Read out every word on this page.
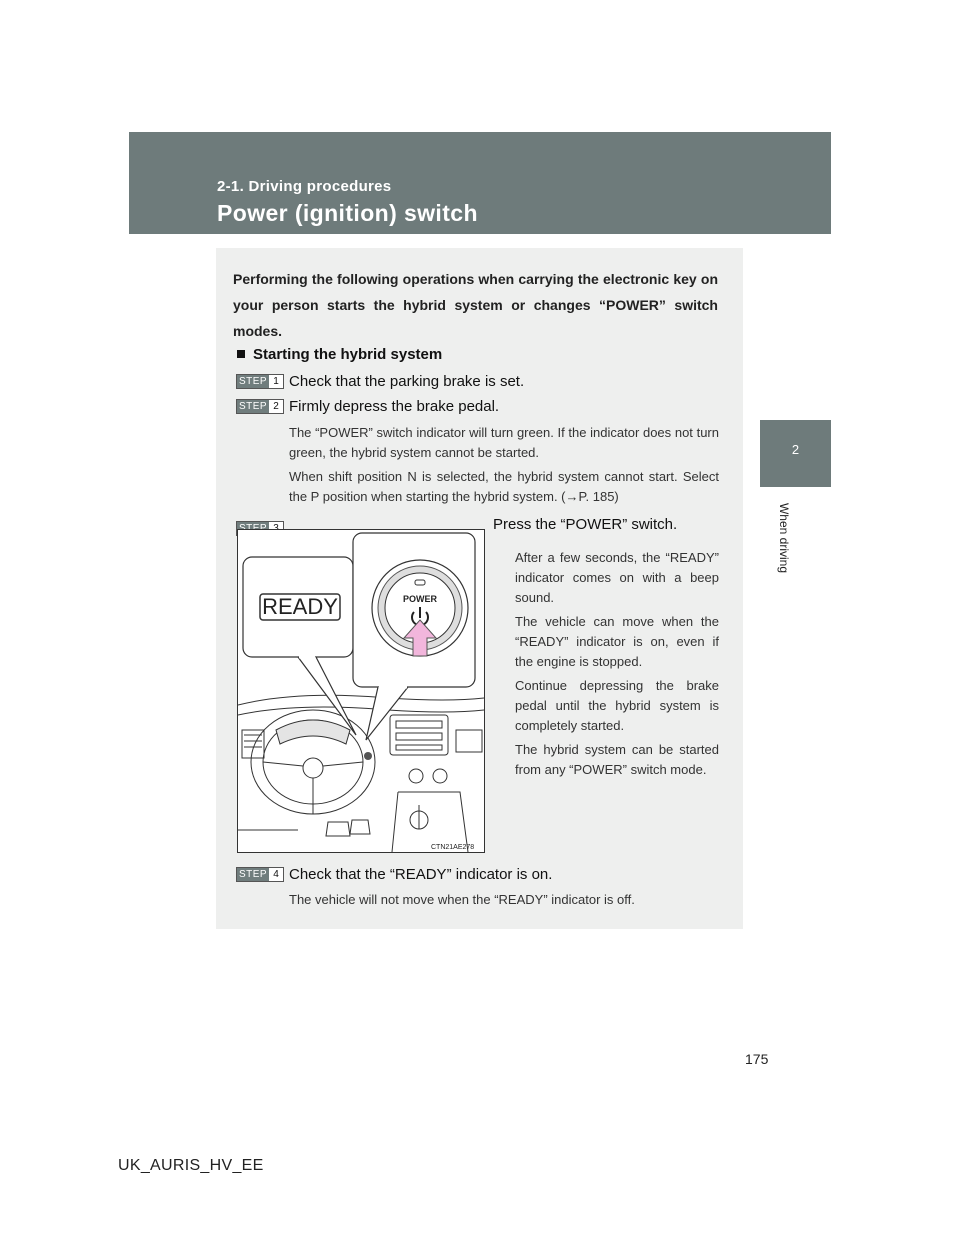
2-1. Driving procedures
Power (ignition) switch
2
When driving
Performing the following operations when carrying the electronic key on your person starts the hybrid system or changes “POWER” switch modes.
Starting the hybrid system
STEP 1 Check that the parking brake is set.
STEP 2 Firmly depress the brake pedal.
The “POWER” switch indicator will turn green. If the indicator does not turn green, the hybrid system cannot be started.
When shift position N is selected, the hybrid system cannot start. Select the P position when starting the hybrid system. (→P. 185)
Press the “POWER” switch.
After a few seconds, the “READY” indicator comes on with a beep sound.
The vehicle can move when the “READY” indicator is on, even if the engine is stopped.
Continue depressing the brake pedal until the hybrid system is completely started.
The hybrid system can be started from any “POWER” switch mode.
READY	POWER
CTN21AE278
STEP 4 Check that the “READY” indicator is on.
The vehicle will not move when the “READY” indicator is off.
175
UK_AURIS_HV_EE
